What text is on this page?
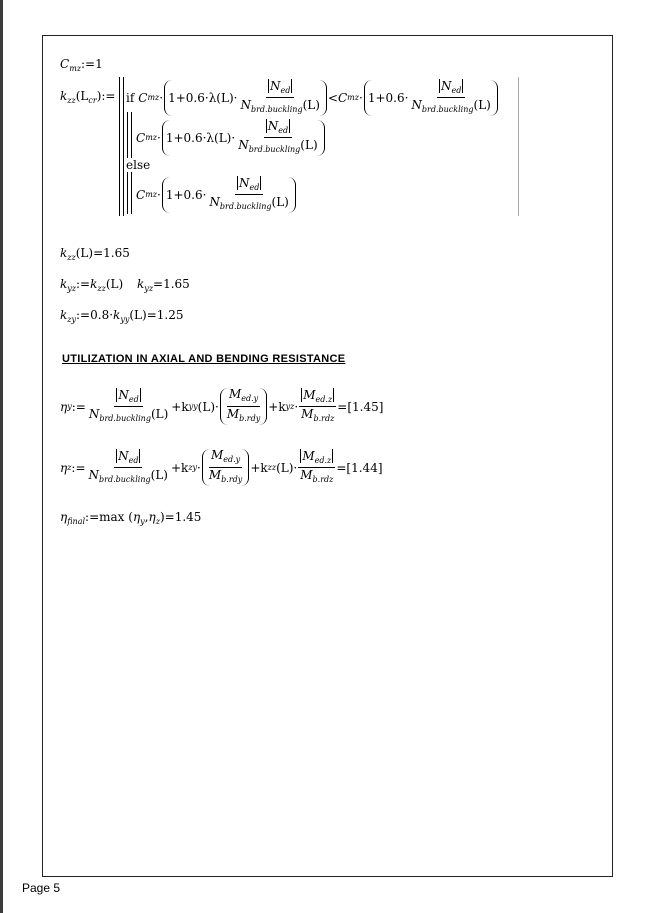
$C_{mz}:=1$
$k_{zz}(L_{cr}):=$ if C mz · $1+0.6\cdot \lambda(L)\cdot \frac{N_{ed}}{N_{brd.buckling}(L)} < C$ mz · $1+0.6\cdot \frac{N_{ed}}{N_{brd.buckling}(L)}$
C mz · $1+0.6\cdot \lambda(L)\cdot \frac{N_{ed}}{N_{brd.buckling}(L)}$
else
C mz · $1+0.6\cdot \frac{N_{ed}}{N_{brd.buckling}(L)}$
$k_{zz}(L)=1.65$
$k_{yz}:=k_{zz}(L)$ $k_{yz}=1.65$
$k_{zy}:=0.8\cdot k_{yy}(L)=1.25$
UTILIZATION IN AXIAL AND BENDING RESISTANCE
η y := $\frac{N_{ed}}{N_{brd.buckling}(L)} +k$ yy $(L)\cdot \frac{M_{ed.y}}{M_{b.rdy}} +k$ yz · $\frac{M_{ed.z}}{M_{b.rdz}} = [1.45]$
η z := $\frac{N_{ed}}{N_{brd.buckling}(L)} +k$ zy · $\frac{M_{ed.y}}{M_{b.rdy}} +k$ zz $(L)\cdot \frac{M_{ed.z}}{M_{b.rdz}} = [1.44]$
$\eta_{final}:=\max$ $(\eta_y,\eta_z)=1.45$
Page 5
